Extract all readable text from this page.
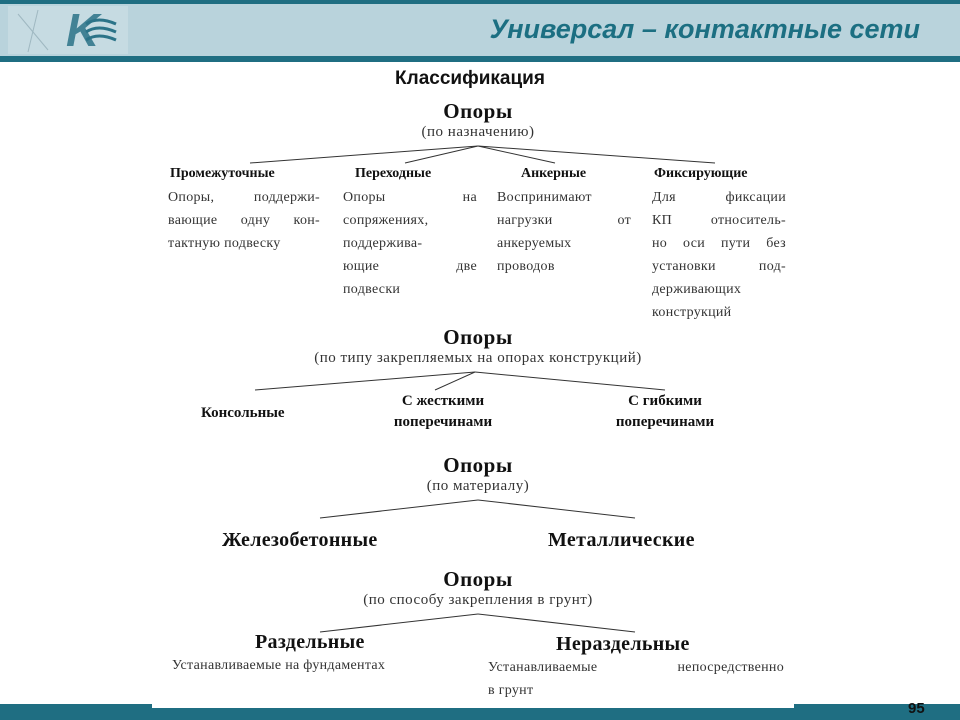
K	Универсал – контактные сети
Классификация
Опоры
(по назначению)
Промежуточные
Опоры, поддержи-
вающие одну кон-
тактную подвеску
Переходные
Опоры на
сопряжениях,
поддержива-
ющие две
подвески
Анкерные
Воспринимают
нагрузки от
анкеруемых
проводов
Фиксирующие
Для фиксации
КП относитель-
но оси пути без
установки под-
держивающих
конструкций
Опоры
(по типу закрепляемых на опорах конструкций)
Консольные
С жесткими
поперечинами
С гибкими
поперечинами
Опоры
(по материалу)
Железобетонные	Металлические
Опоры
(по способу закрепления в грунт)
Раздельные
Устанавливаемые на фундаментах
Нераздельные
Устанавливаемые непосредственно
в грунт
95
